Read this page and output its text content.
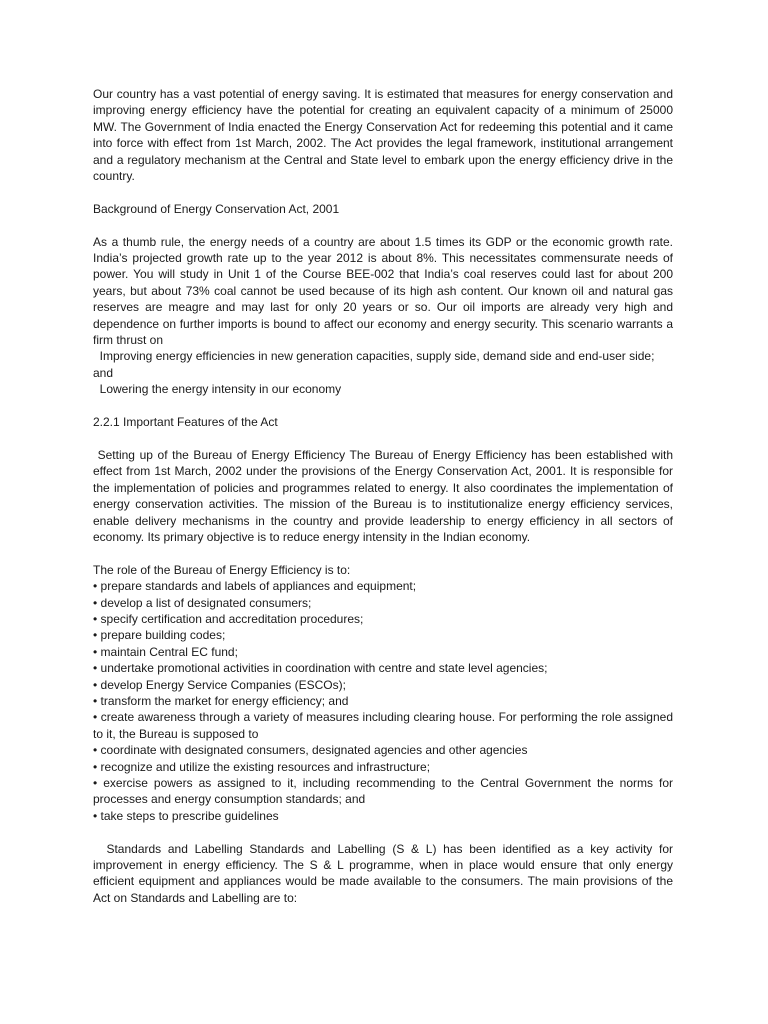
Our country has a vast potential of energy saving. It is estimated that measures for energy conservation and improving energy efficiency have the potential for creating an equivalent capacity of a minimum of 25000 MW. The Government of India enacted the Energy Conservation Act for redeeming this potential and it came into force with effect from 1st March, 2002. The Act provides the legal framework, institutional arrangement and a regulatory mechanism at the Central and State level to embark upon the energy efficiency drive in the country.

Background of Energy Conservation Act, 2001

As a thumb rule, the energy needs of a country are about 1.5 times its GDP or the economic growth rate. India’s projected growth rate up to the year 2012 is about 8%. This necessitates commensurate needs of power. You will study in Unit 1 of the Course BEE-002 that India’s coal reserves could last for about 200 years, but about 73% coal cannot be used because of its high ash content. Our known oil and natural gas reserves are meagre and may last for only 20 years or so. Our oil imports are already very high and dependence on further imports is bound to affect our economy and energy security. This scenario warrants a firm thrust on

Improving energy efficiencies in new generation capacities, supply side, demand side and end-user side; and

Lowering the energy intensity in our economy

2.2.1 Important Features of the Act

Setting up of the Bureau of Energy Efficiency The Bureau of Energy Efficiency has been established with effect from 1st March, 2002 under the provisions of the Energy Conservation Act, 2001. It is responsible for the implementation of policies and programmes related to energy. It also coordinates the implementation of energy conservation activities. The mission of the Bureau is to institutionalize energy efficiency services, enable delivery mechanisms in the country and provide leadership to energy efficiency in all sectors of economy. Its primary objective is to reduce energy intensity in the Indian economy.

The role of the Bureau of Energy Efficiency is to:

• prepare standards and labels of appliances and equipment;

• develop a list of designated consumers;

• specify certification and accreditation procedures;

• prepare building codes;

• maintain Central EC fund;

• undertake promotional activities in coordination with centre and state level agencies;

• develop Energy Service Companies (ESCOs);

• transform the market for energy efficiency; and

• create awareness through a variety of measures including clearing house. For performing the role assigned to it, the Bureau is supposed to

• coordinate with designated consumers, designated agencies and other agencies

• recognize and utilize the existing resources and infrastructure;

• exercise powers as assigned to it, including recommending to the Central Government the norms for processes and energy consumption standards; and

• take steps to prescribe guidelines

Standards and Labelling Standards and Labelling (S & L) has been identified as a key activity for improvement in energy efficiency. The S & L programme, when in place would ensure that only energy efficient equipment and appliances would be made available to the consumers. The main provisions of the Act on Standards and Labelling are to:
